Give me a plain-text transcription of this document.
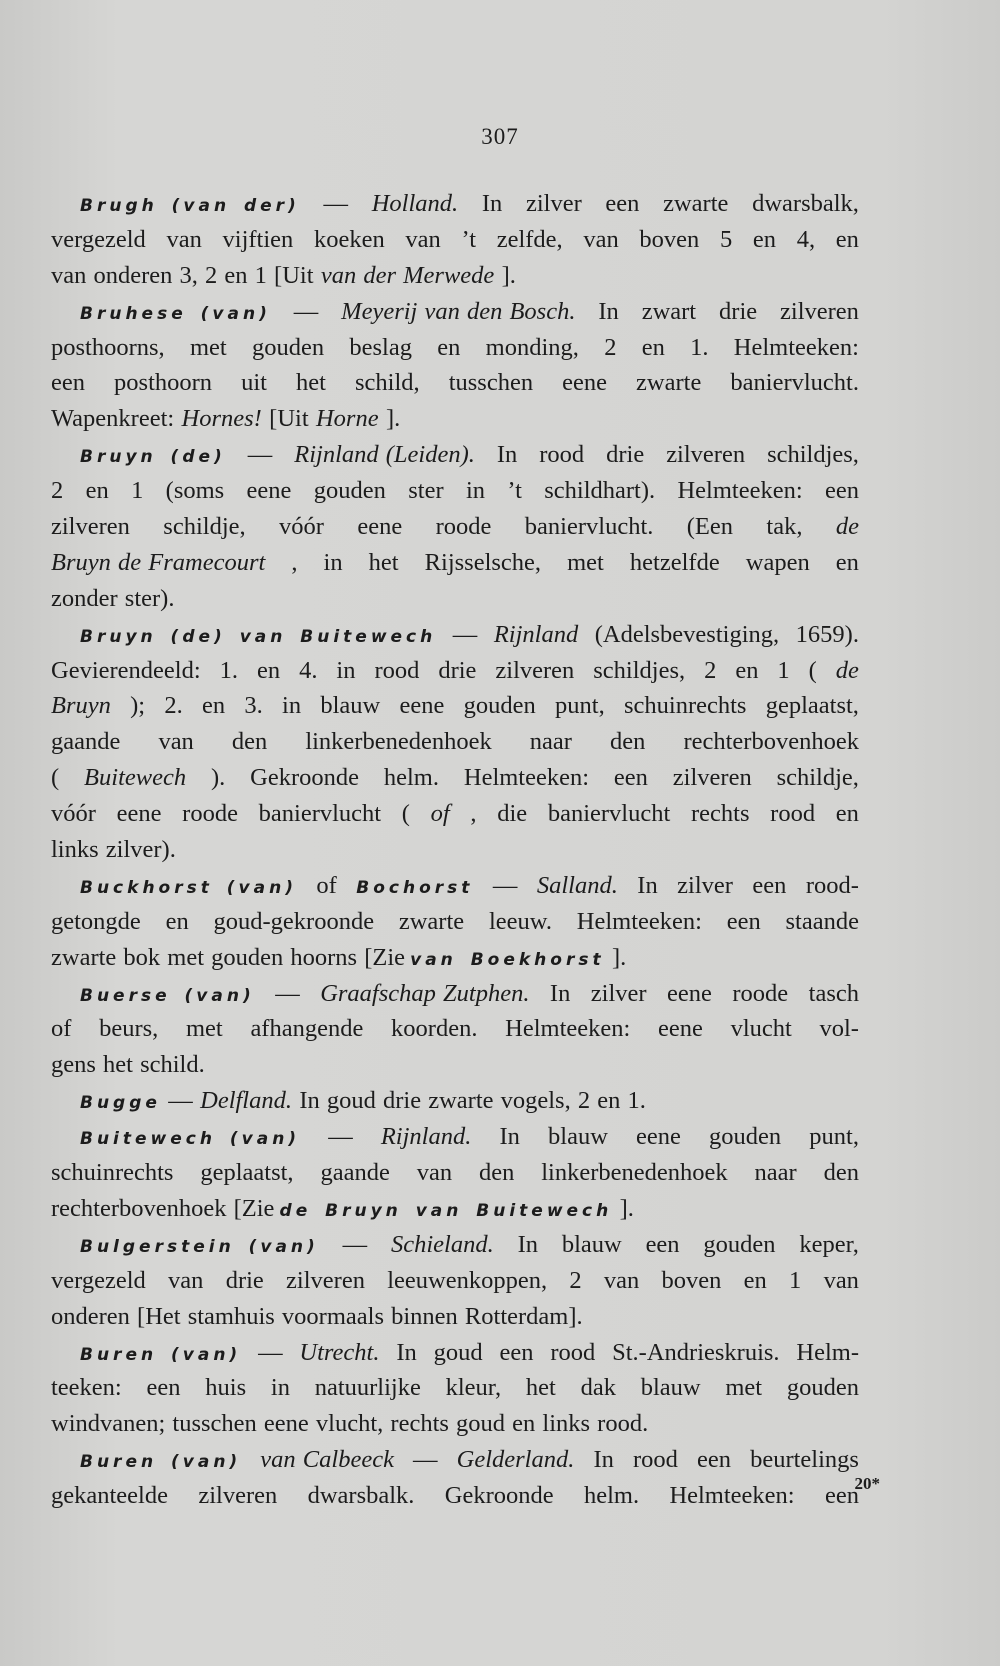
307
Brugh (van der) — Holland. In zilver een zwarte dwarsbalk,
vergezeld van vijftien koeken van ’t zelfde, van boven 5 en 4, en
van onderen 3, 2 en 1 [Uit van der Merwede ].
Bruhese (van) — Meyerij van den Bosch. In zwart drie zilveren
posthoorns, met gouden beslag en monding, 2 en 1. Helmteeken:
een posthoorn uit het schild, tusschen eene zwarte baniervlucht.
Wapenkreet: Hornes! [Uit Horne ].
Bruyn (de) — Rijnland (Leiden). In rood drie zilveren schildjes,
2 en 1 (soms eene gouden ster in ’t schildhart). Helmteeken: een
zilveren schildje, vóór eene roode baniervlucht. (Een tak, de
Bruyn de Framecourt , in het Rijsselsche, met hetzelfde wapen en
zonder ster).
Bruyn (de) van Buitewech — Rijnland (Adelsbevestiging, 1659).
Gevierendeeld: 1. en 4. in rood drie zilveren schildjes, 2 en 1 ( de
Bruyn ); 2. en 3. in blauw eene gouden punt, schuinrechts geplaatst,
gaande van den linkerbenedenhoek naar den rechterbovenhoek
( Buitewech ). Gekroonde helm. Helmteeken: een zilveren schildje,
vóór eene roode baniervlucht ( of , die baniervlucht rechts rood en
links zilver).
Buckhorst (van) of Bochorst — Salland. In zilver een rood-
getongde en goud-gekroonde zwarte leeuw. Helmteeken: een staande
zwarte bok met gouden hoorns [Zie van Boekhorst ].
Buerse (van) — Graafschap Zutphen. In zilver eene roode tasch
of beurs, met afhangende koorden. Helmteeken: eene vlucht vol-
gens het schild.
Bugge — Delfland. In goud drie zwarte vogels, 2 en 1.
Buitewech (van) — Rijnland. In blauw eene gouden punt,
schuinrechts geplaatst, gaande van den linkerbenedenhoek naar den
rechterbovenhoek [Zie de Bruyn van Buitewech ].
Bulgerstein (van) — Schieland. In blauw een gouden keper,
vergezeld van drie zilveren leeuwenkoppen, 2 van boven en 1 van
onderen [Het stamhuis voormaals binnen Rotterdam].
Buren (van) — Utrecht. In goud een rood St.-Andrieskruis. Helm-
teeken: een huis in natuurlijke kleur, het dak blauw met gouden
windvanen; tusschen eene vlucht, rechts goud en links rood.
Buren (van) van Calbeeck — Gelderland. In rood een beurtelings
gekanteelde zilveren dwarsbalk. Gekroonde helm. Helmteeken: een
20*
